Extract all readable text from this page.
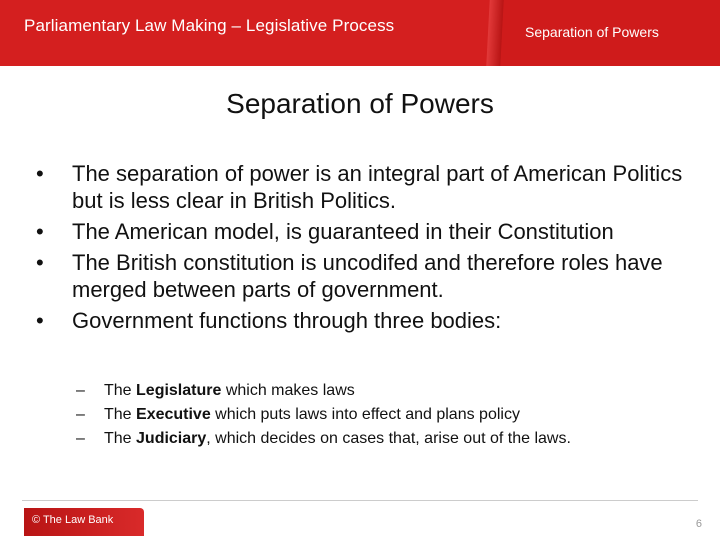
Parliamentary Law Making – Legislative Process	Separation of Powers
Separation of Powers
•	The separation of power is an integral part of American Politics but is less clear in British Politics.
•	The American model, is guaranteed in their Constitution
•	The British constitution is uncodifed and therefore roles have merged between parts of government.
•	Government functions through three bodies:
– The Legislature which makes laws
– The Executive which puts laws into effect and plans policy
– The Judiciary, which decides on cases that, arise out of the laws.
© The Law Bank	6
